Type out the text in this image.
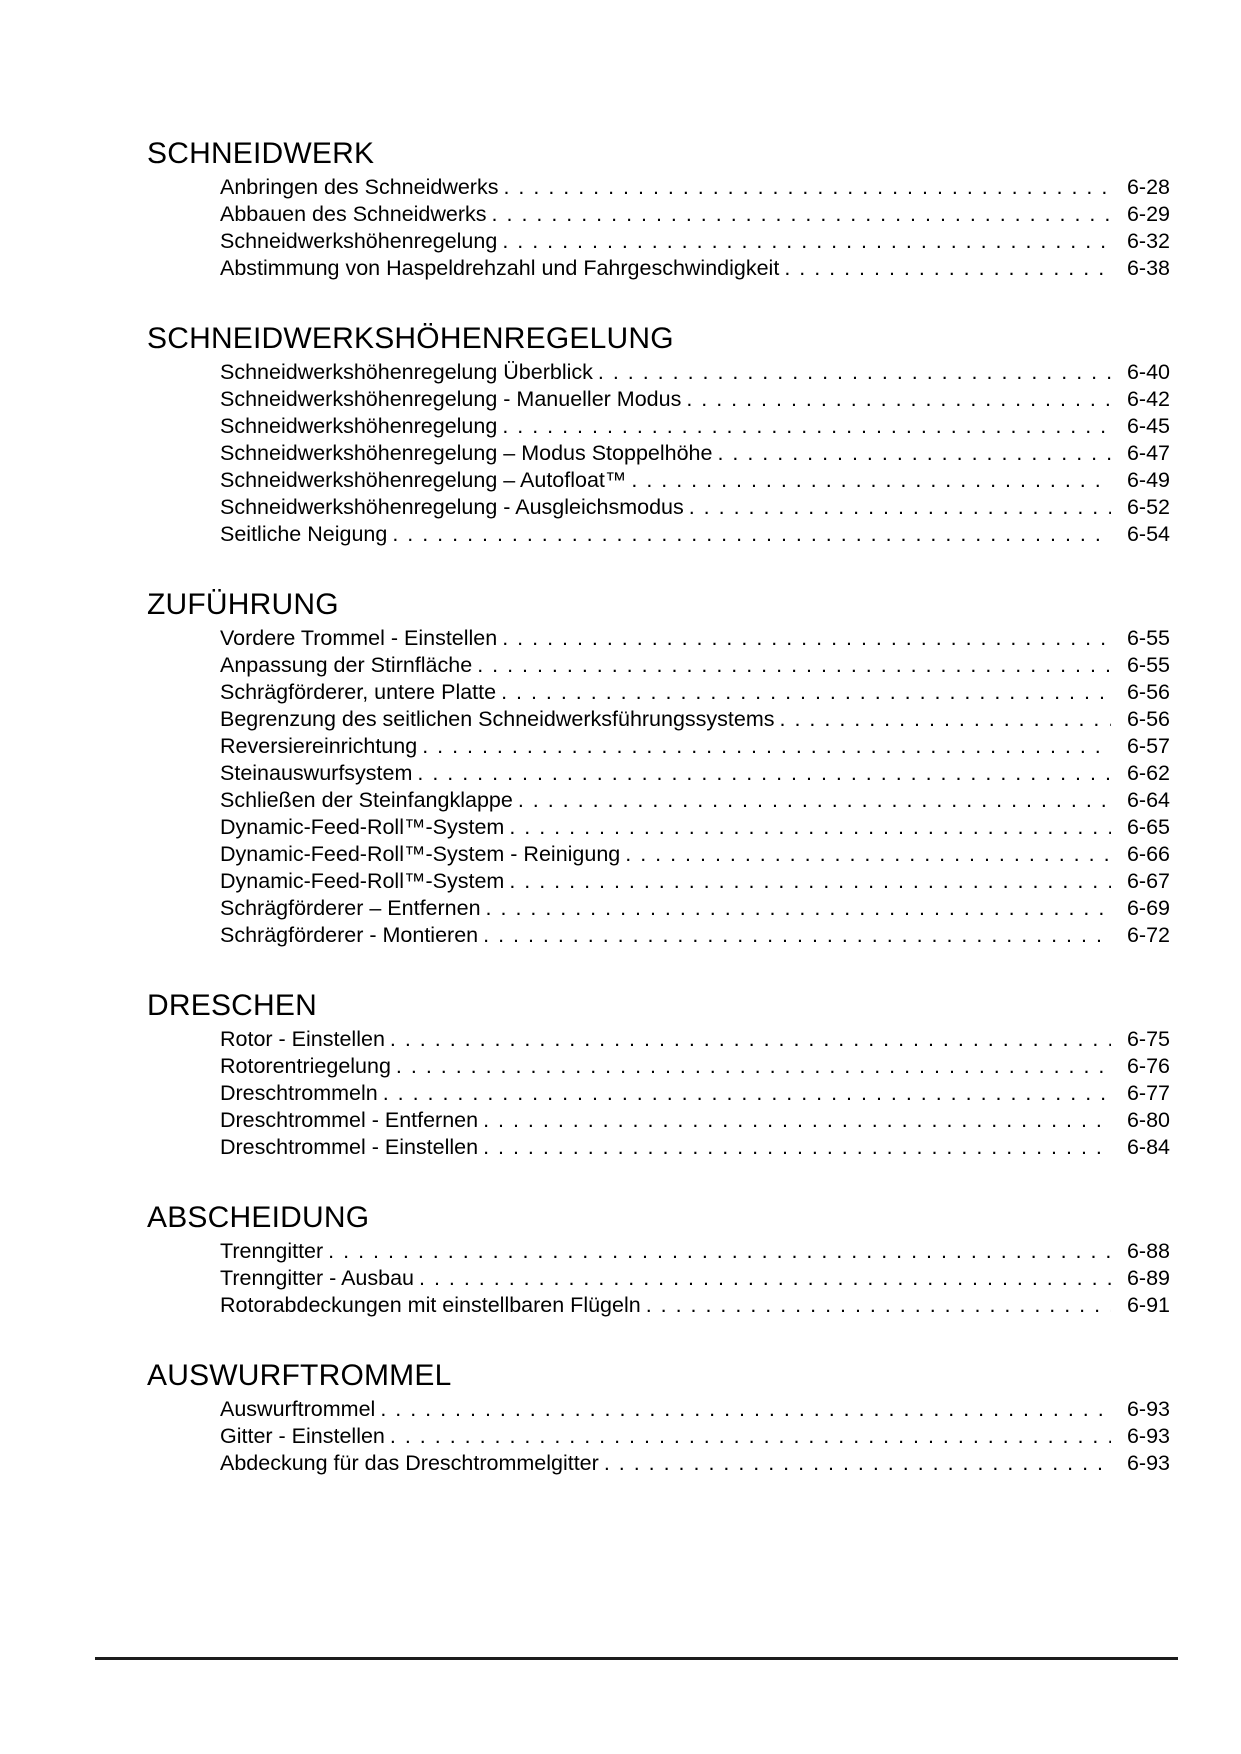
SCHNEIDWERK
Anbringen des Schneidwerks . . .	6-28
Abbauen des Schneidwerks . . .	6-29
Schneidwerkshöhenregelung . . .	6-32
Abstimmung von Haspeldrehzahl und Fahrgeschwindigkeit . . .	6-38
SCHNEIDWERKSHÖHENREGELUNG
Schneidwerkshöhenregelung Überblick . . .	6-40
Schneidwerkshöhenregelung - Manueller Modus . . .	6-42
Schneidwerkshöhenregelung . . .	6-45
Schneidwerkshöhenregelung – Modus Stoppelhöhe . . .	6-47
Schneidwerkshöhenregelung – Autofloat™ . . .	6-49
Schneidwerkshöhenregelung - Ausgleichsmodus . . .	6-52
Seitliche Neigung . . .	6-54
ZUFÜHRUNG
Vordere Trommel - Einstellen . . .	6-55
Anpassung der Stirnfläche . . .	6-55
Schrägförderer, untere Platte . . .	6-56
Begrenzung des seitlichen Schneidwerksführungssystems . . .	6-56
Reversiereinrichtung . . .	6-57
Steinauswurfsystem . . .	6-62
Schließen der Steinfangklappe . . .	6-64
Dynamic-Feed-Roll™-System . . .	6-65
Dynamic-Feed-Roll™-System - Reinigung . . .	6-66
Dynamic-Feed-Roll™-System . . .	6-67
Schrägförderer – Entfernen . . .	6-69
Schrägförderer - Montieren . . .	6-72
DRESCHEN
Rotor - Einstellen . . .	6-75
Rotorentriegelung . . .	6-76
Dreschtrommeln . . .	6-77
Dreschtrommel - Entfernen . . .	6-80
Dreschtrommel - Einstellen . . .	6-84
ABSCHEIDUNG
Trenngitter . . .	6-88
Trenngitter - Ausbau . . .	6-89
Rotorabdeckungen mit einstellbaren Flügeln . . .	6-91
AUSWURFTROMMEL
Auswurftrommel . . .	6-93
Gitter - Einstellen . . .	6-93
Abdeckung für das Dreschtrommelgitter . . .	6-93
